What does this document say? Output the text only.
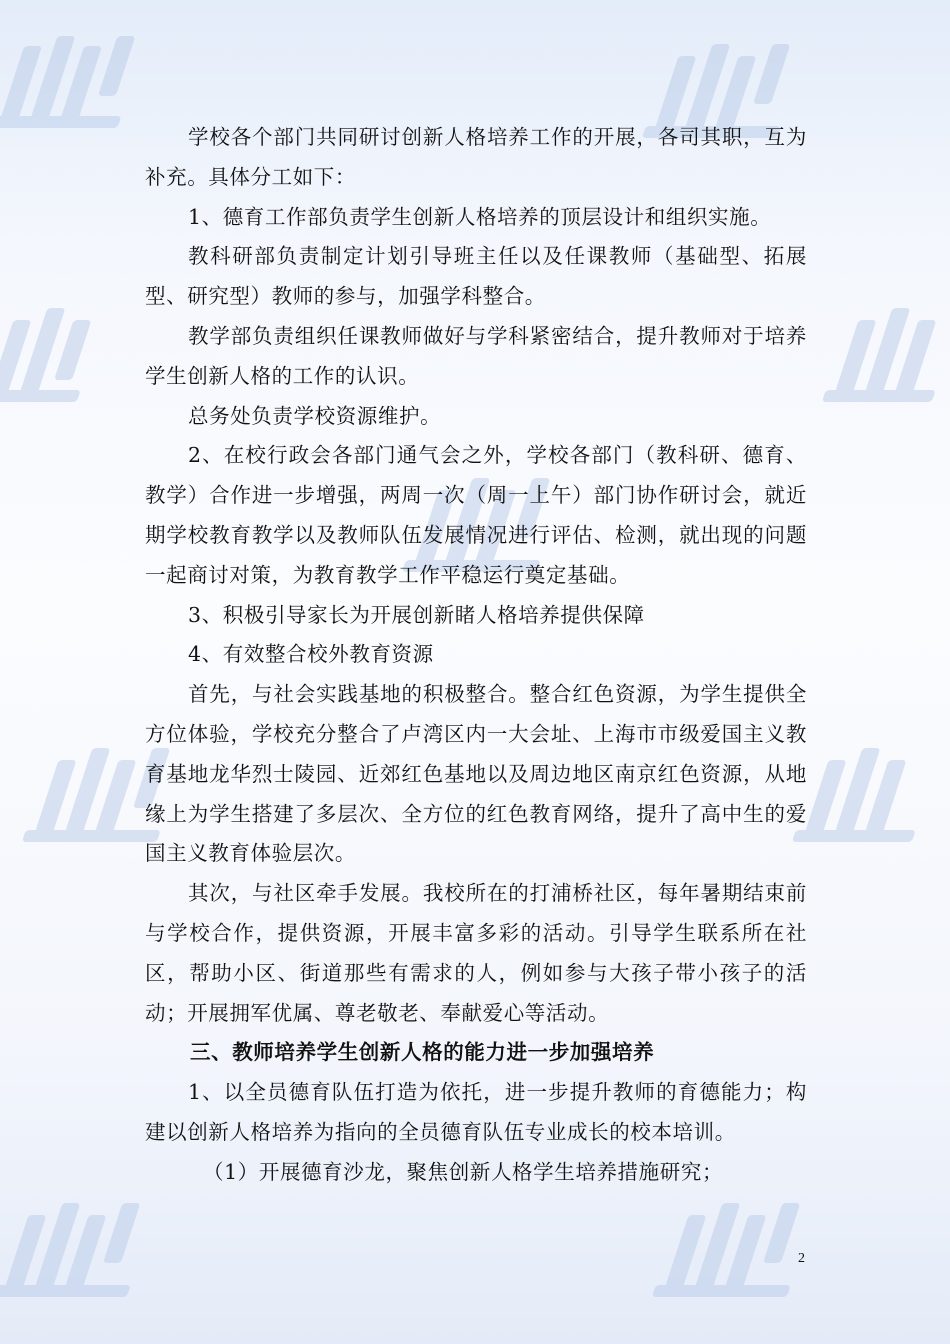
学校各个部门共同研讨创新人格培养工作的开展，各司其职，互为补充。具体分工如下：

1、德育工作部负责学生创新人格培养的顶层设计和组织实施。

教科研部负责制定计划引导班主任以及任课教师（基础型、拓展型、研究型）教师的参与，加强学科整合。

教学部负责组织任课教师做好与学科紧密结合，提升教师对于培养学生创新人格的工作的认识。

总务处负责学校资源维护。

2、在校行政会各部门通气会之外，学校各部门（教科研、德育、教学）合作进一步增强，两周一次（周一上午）部门协作研讨会，就近期学校教育教学以及教师队伍发展情况进行评估、检测，就出现的问题一起商讨对策，为教育教学工作平稳运行奠定基础。

3、积极引导家长为开展创新睹人格培养提供保障

4、有效整合校外教育资源

首先，与社会实践基地的积极整合。整合红色资源，为学生提供全方位体验，学校充分整合了卢湾区内一大会址、上海市市级爱国主义教育基地龙华烈士陵园、近郊红色基地以及周边地区南京红色资源，从地缘上为学生搭建了多层次、全方位的红色教育网络，提升了高中生的爱国主义教育体验层次。

其次，与社区牵手发展。我校所在的打浦桥社区，每年暑期结束前与学校合作，提供资源，开展丰富多彩的活动。引导学生联系所在社区，帮助小区、街道那些有需求的人，例如参与大孩子带小孩子的活动；开展拥军优属、尊老敬老、奉献爱心等活动。

三、教师培养学生创新人格的能力进一步加强培养

1、以全员德育队伍打造为依托，进一步提升教师的育德能力；构建以创新人格培养为指向的全员德育队伍专业成长的校本培训。

（1）开展德育沙龙，聚焦创新人格学生培养措施研究；

2
